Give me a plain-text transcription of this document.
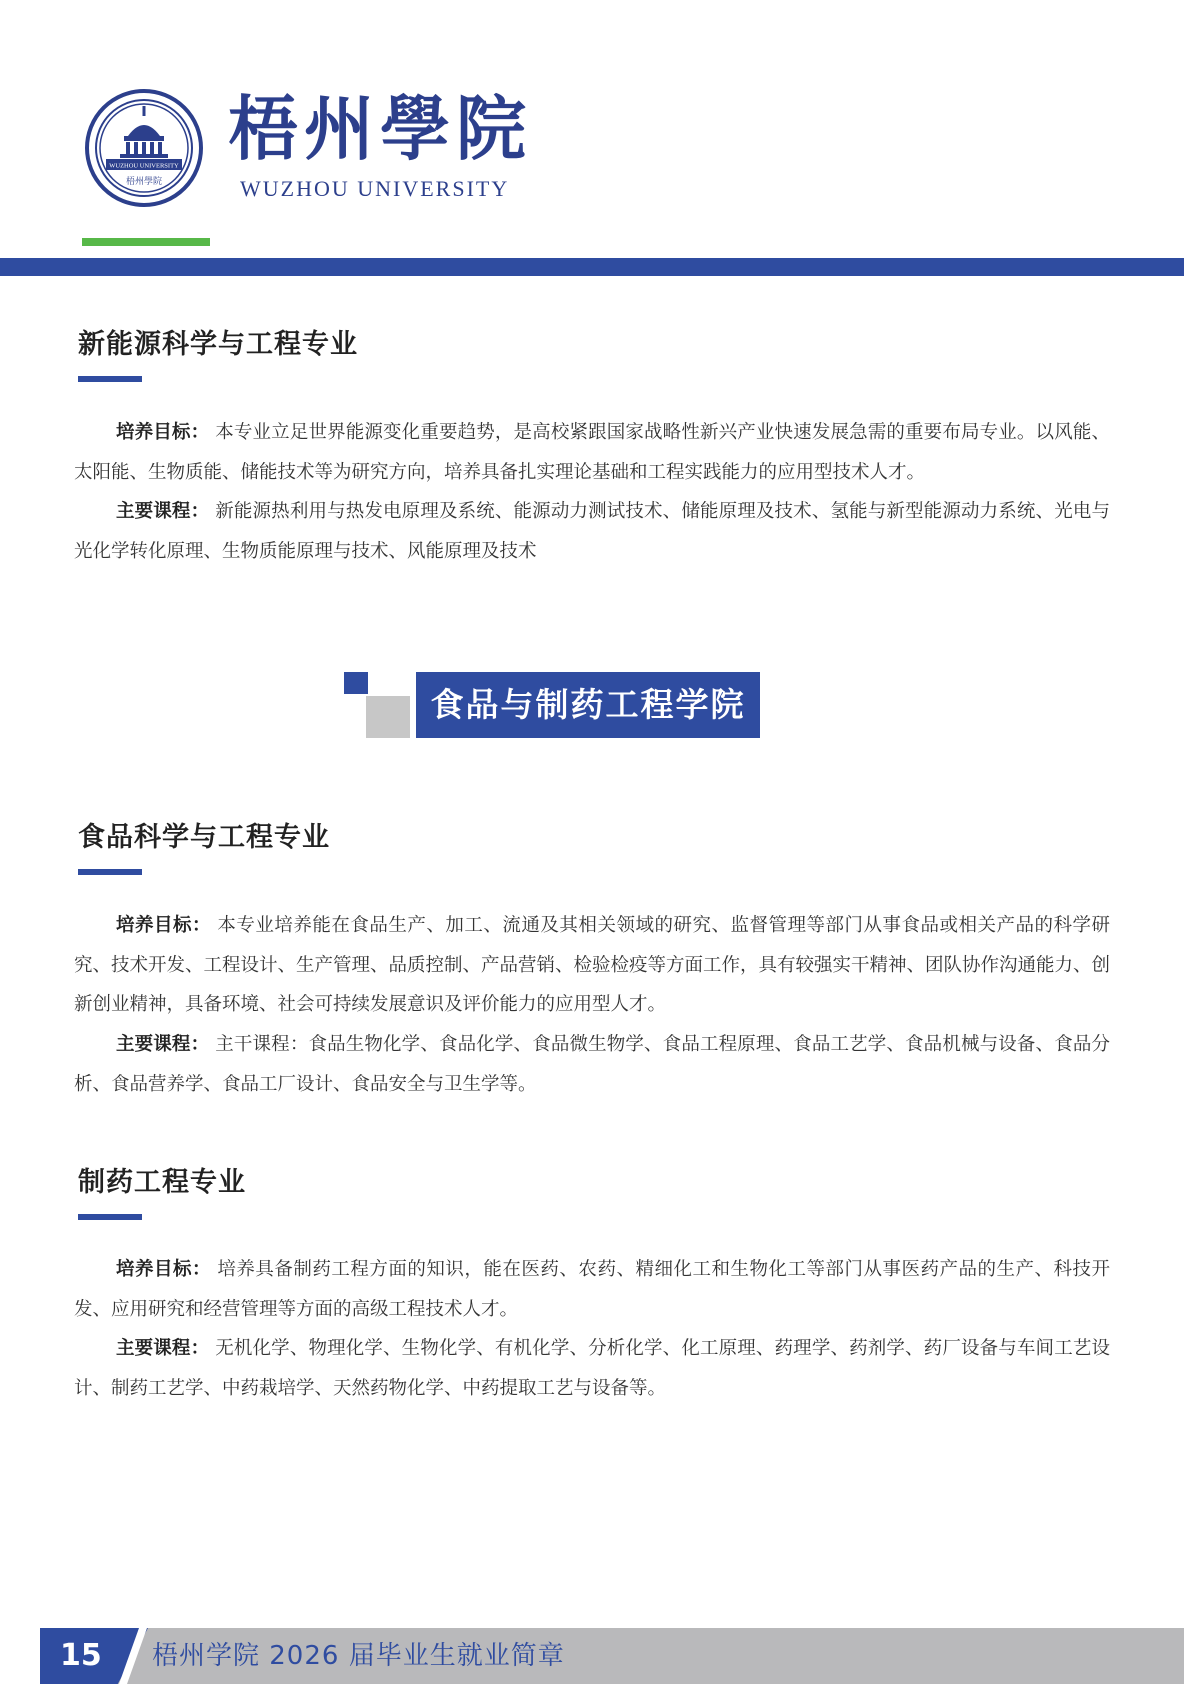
WUZHOU UNIVERSITY
梧州學院
梧州學院
WUZHOU UNIVERSITY
新能源科学与工程专业
培养目标： 本专业立足世界能源变化重要趋势，是高校紧跟国家战略性新兴产业快速发展急需的重要布局专业。以风能、太阳能、生物质能、储能技术等为研究方向，培养具备扎实理论基础和工程实践能力的应用型技术人才。
主要课程： 新能源热利用与热发电原理及系统、能源动力测试技术、储能原理及技术、氢能与新型能源动力系统、光电与光化学转化原理、生物质能原理与技术、风能原理及技术
食品与制药工程学院
食品科学与工程专业
培养目标： 本专业培养能在食品生产、加工、流通及其相关领域的研究、监督管理等部门从事食品或相关产品的科学研究、技术开发、工程设计、生产管理、品质控制、产品营销、检验检疫等方面工作，具有较强实干精神、团队协作沟通能力、创新创业精神，具备环境、社会可持续发展意识及评价能力的应用型人才。
主要课程： 主干课程：食品生物化学、食品化学、食品微生物学、食品工程原理、食品工艺学、食品机械与设备、食品分析、食品营养学、食品工厂设计、食品安全与卫生学等。
制药工程专业
培养目标： 培养具备制药工程方面的知识，能在医药、农药、精细化工和生物化工等部门从事医药产品的生产、科技开发、应用研究和经营管理等方面的高级工程技术人才。
主要课程： 无机化学、物理化学、生物化学、有机化学、分析化学、化工原理、药理学、药剂学、药厂设备与车间工艺设计、制药工艺学、中药栽培学、天然药物化学、中药提取工艺与设备等。
15 梧州学院 2026 届毕业生就业简章
